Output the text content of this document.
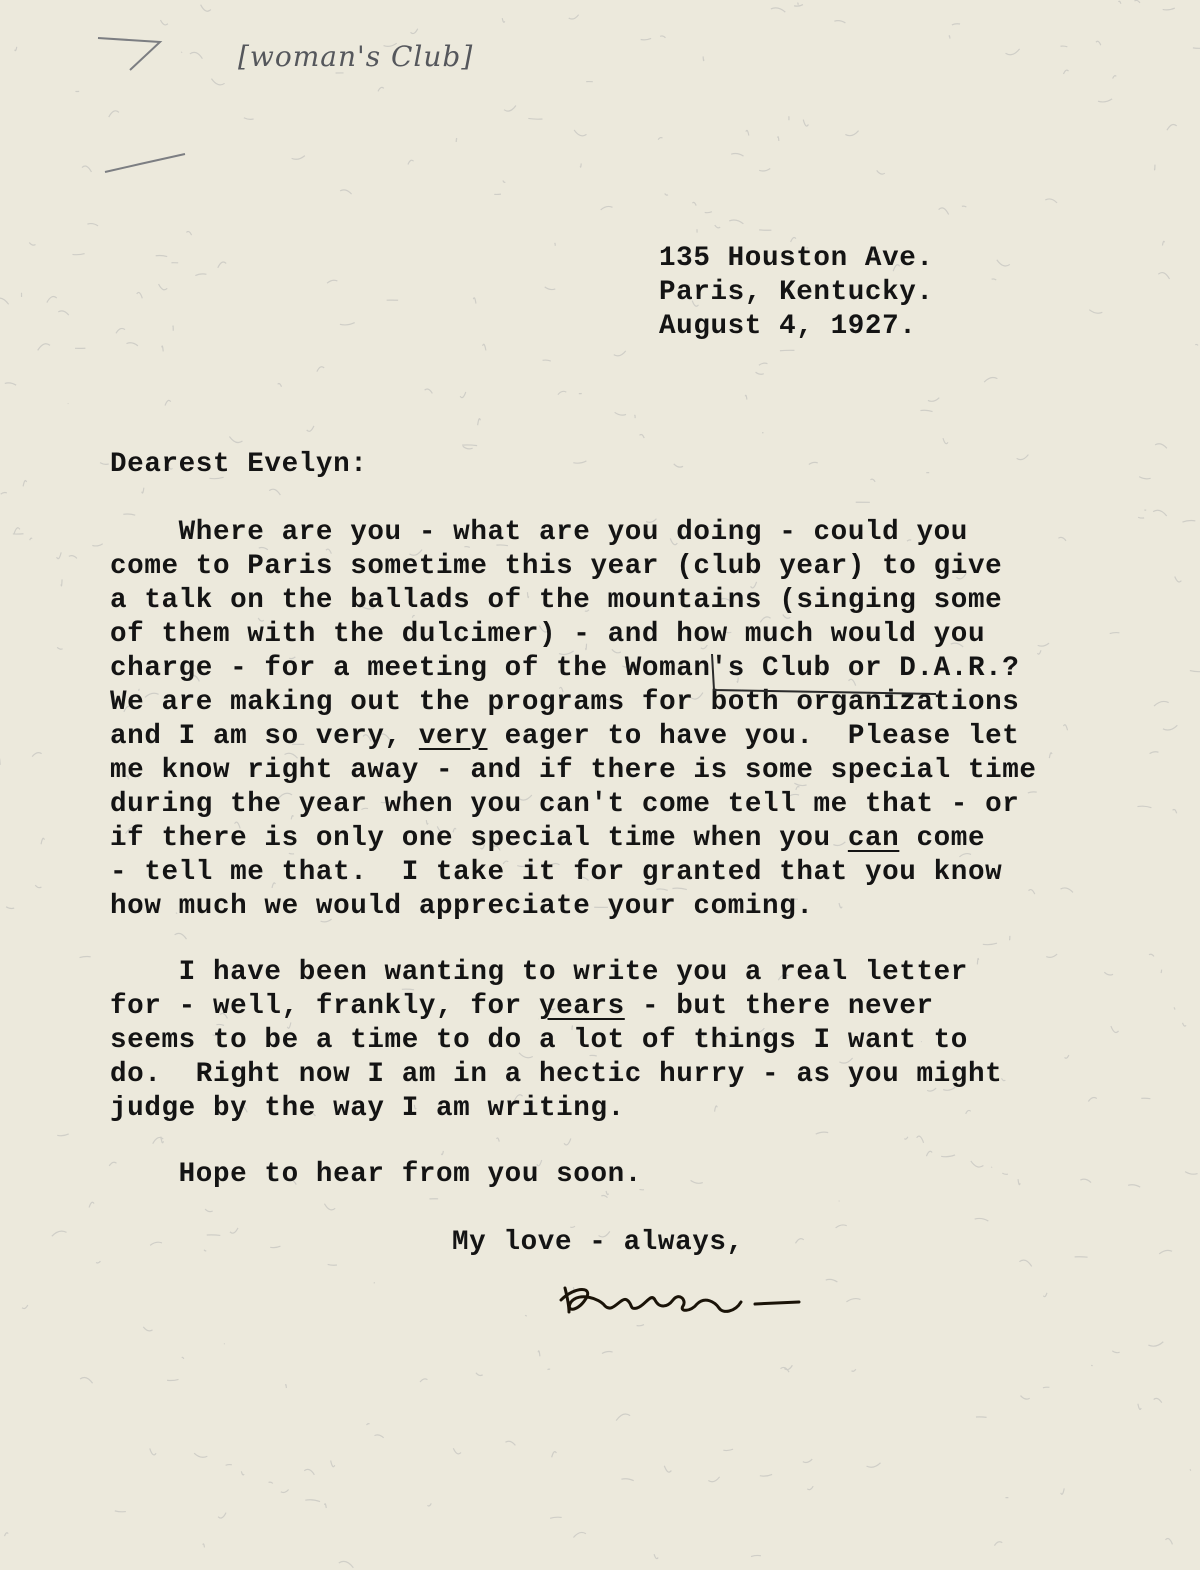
[woman's Club]
135 Houston Ave.
Paris, Kentucky.
August 4, 1927.
Dearest Evelyn:
Where are you - what are you doing - could you
come to Paris sometime this year (club year) to give
a talk on the ballads of the mountains (singing some
of them with the dulcimer) - and how much would you
charge - for a meeting of the Woman's Club or D.A.R.?
We are making out the programs for both organizations
and I am so very, very eager to have you.  Please let
me know right away - and if there is some special time
during the year when you can't come tell me that - or
if there is only one special time when you can come
- tell me that.  I take it for granted that you know
how much we would appreciate your coming.
I have been wanting to write you a real letter
for - well, frankly, for years - but there never
seems to be a time to do a lot of things I want to
do.  Right now I am in a hectic hurry - as you might
judge by the way I am writing.
Hope to hear from you soon.
My love - always,
